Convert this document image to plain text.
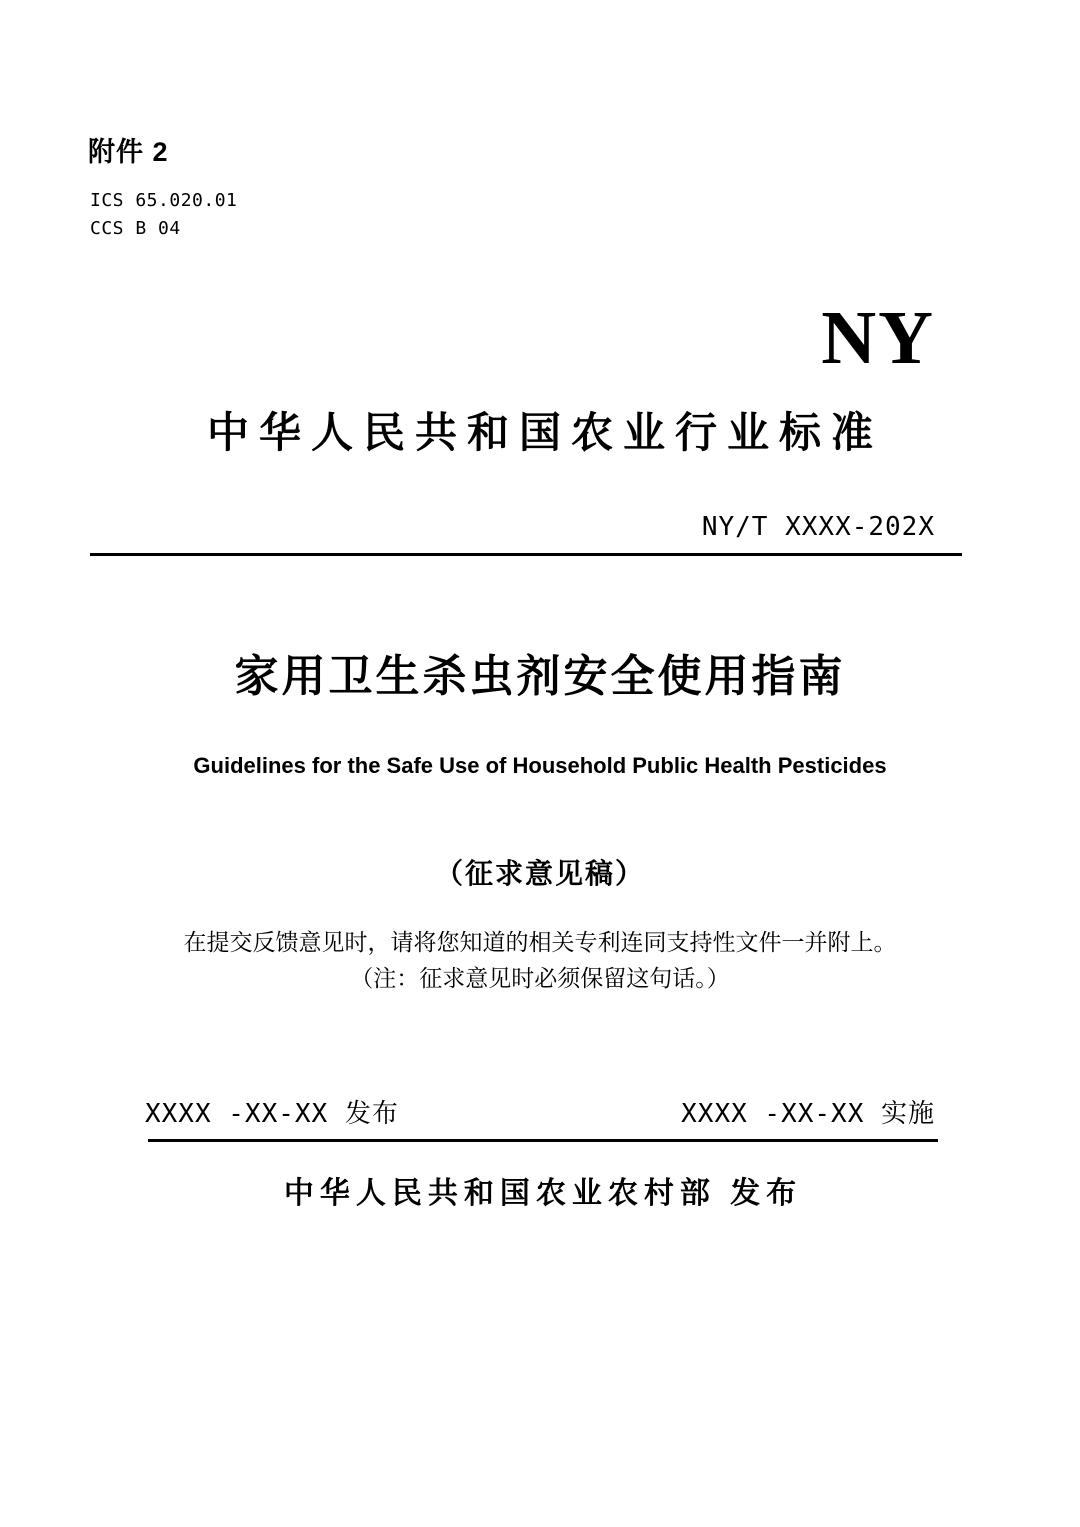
附件 2
ICS 65.020.01
CCS B 04
NY
中华人民共和国农业行业标准
NY/T XXXX-202X
家用卫生杀虫剂安全使用指南
Guidelines for the Safe Use of Household Public Health Pesticides
（征求意见稿）
在提交反馈意见时，请将您知道的相关专利连同支持性文件一并附上。
（注：征求意见时必须保留这句话。）
XXXX -XX-XX 发布	XXXX -XX-XX 实施
中华人民共和国农业农村部 发布
